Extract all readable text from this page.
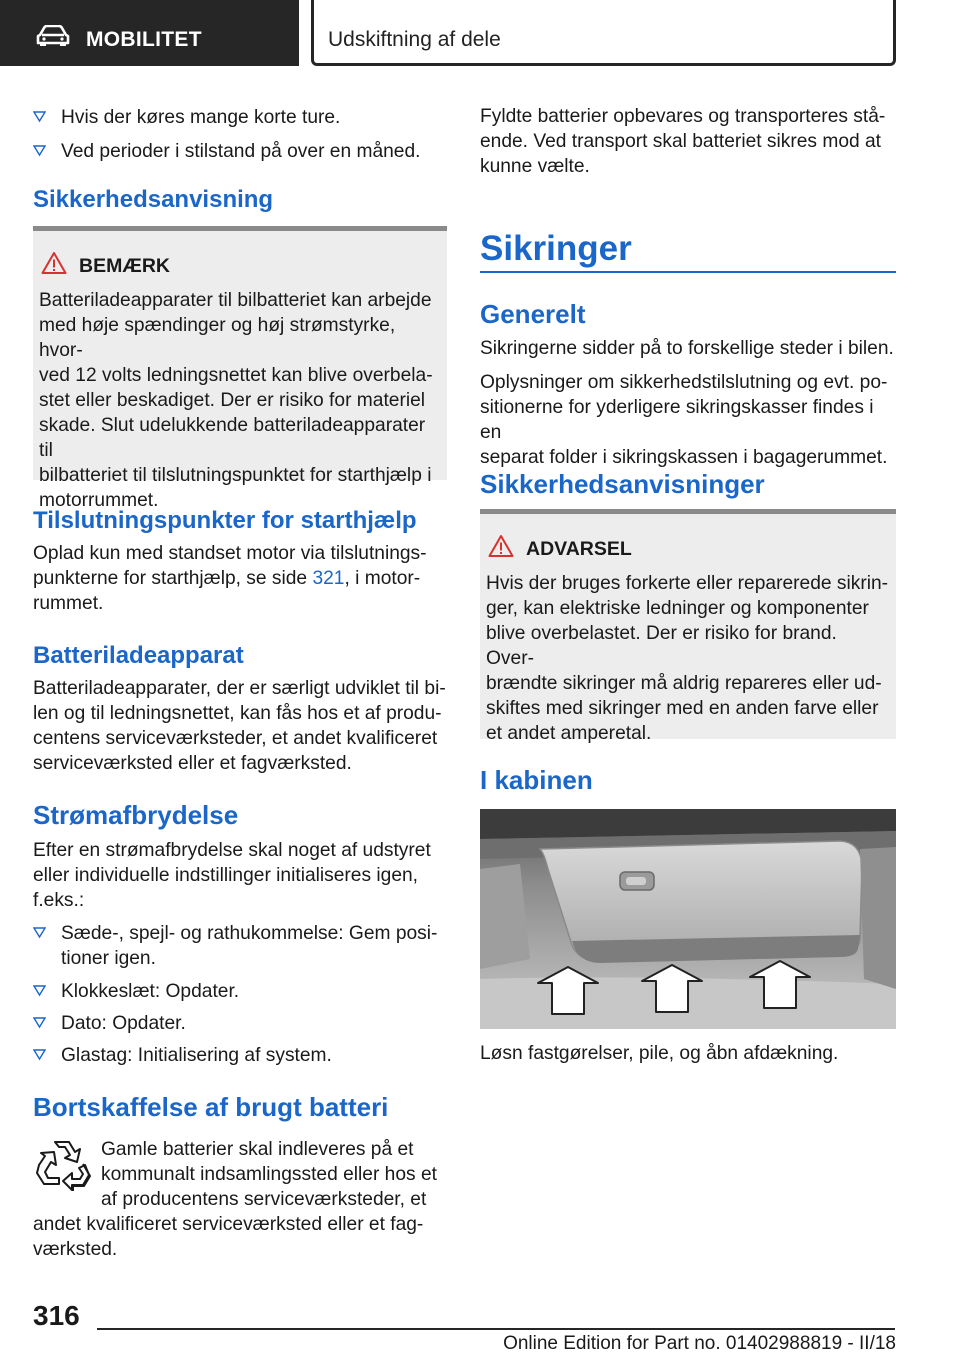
MOBILITET	Udskiftning af dele
Hvis der køres mange korte ture.
Ved perioder i stilstand på over en måned.
Sikkerhedsanvisning
BEMÆRK
Batteriladeapparater til bilbatteriet kan arbejde
med høje spændinger og høj strømstyrke, hvor-
ved 12 volts ledningsnettet kan blive overbela-
stet eller beskadiget. Der er risiko for materiel
skade. Slut udelukkende batteriladeapparater til
bilbatteriet til tilslutningspunktet for starthjælp i
motorrummet.
Tilslutningspunkter for starthjælp

Oplad kun med standset motor via tilslutnings-

punkterne for starthjælp, se side 321, i motor-

rummet.

Batteriladeapparat

Batteriladeapparater, der er særligt udviklet til bi-

len og til ledningsnettet, kan fås hos et af produ-

centens serviceværksteder, et andet kvalificeret

serviceværksted eller et fagværksted.

Strømafbrydelse

Efter en strømafbrydelse skal noget af udstyret

eller individuelle indstillinger initialiseres igen,

f.eks.:

Sæde-, spejl- og rathukommelse: Gem posi-
tioner igen.
Klokkeslæt: Opdater.
Dato: Opdater.
Glastag: Initialisering af system.
Bortskaffelse af brugt batteri

Gamle batterier skal indleveres på et

kommunalt indsamlingssted eller hos et

af producentens serviceværksteder, et

andet kvalificeret serviceværksted eller et fag-

værksted.

Fyldte batterier opbevares og transporteres stå-

ende. Ved transport skal batteriet sikres mod at

kunne vælte.

Sikringer
Generelt

Sikringerne sidder på to forskellige steder i bilen.

Oplysninger om sikkerhedstilslutning og evt. po-

sitionerne for yderligere sikringskasser findes i en

separat folder i sikringskassen i bagagerummet.

Sikkerhedsanvisninger
ADVARSEL
Hvis der bruges forkerte eller reparerede sikrin-
ger, kan elektriske ledninger og komponenter
blive overbelastet. Der er risiko for brand. Over-
brændte sikringer må aldrig repareres eller ud-
skiftes med sikringer med en anden farve eller
et andet amperetal.
I kabinen

Løsn fastgørelser, pile, og åbn afdækning.

316
Online Edition for Part no. 01402988819 - II/18
